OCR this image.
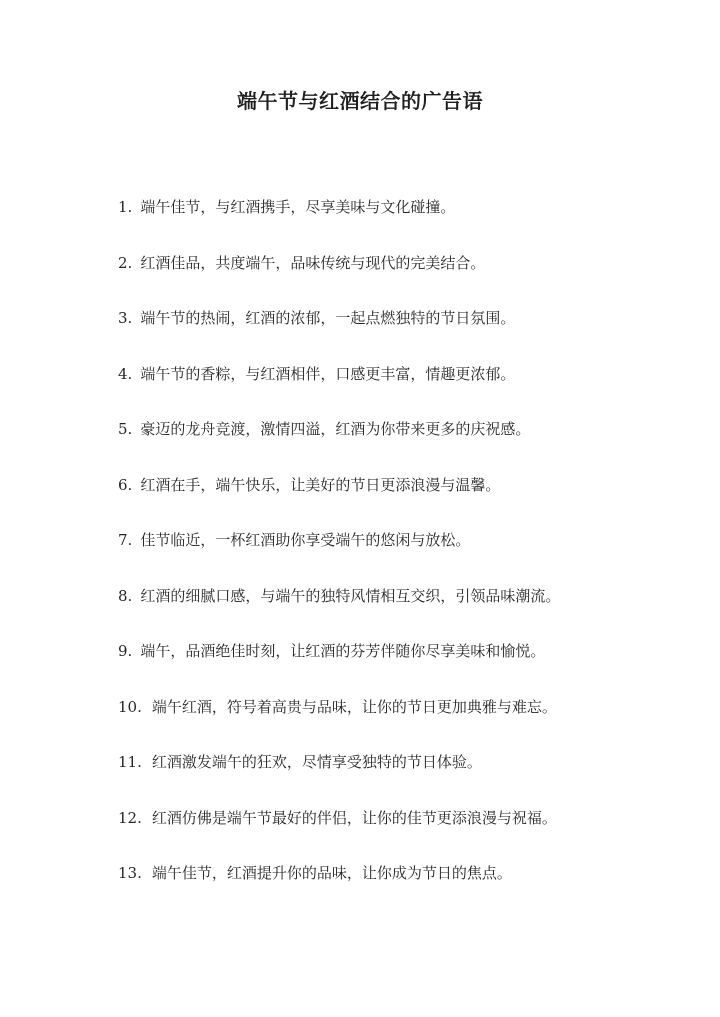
端午节与红酒结合的广告语
1. 端午佳节，与红酒携手，尽享美味与文化碰撞。
2. 红酒佳品，共度端午，品味传统与现代的完美结合。
3. 端午节的热闹，红酒的浓郁，一起点燃独特的节日氛围。
4. 端午节的香粽，与红酒相伴，口感更丰富，情趣更浓郁。
5. 豪迈的龙舟竞渡，激情四溢，红酒为你带来更多的庆祝感。
6. 红酒在手，端午快乐，让美好的节日更添浪漫与温馨。
7. 佳节临近，一杯红酒助你享受端午的悠闲与放松。
8. 红酒的细腻口感，与端午的独特风情相互交织，引领品味潮流。
9. 端午，品酒绝佳时刻，让红酒的芬芳伴随你尽享美味和愉悦。
10. 端午红酒，符号着高贵与品味，让你的节日更加典雅与难忘。
11. 红酒激发端午的狂欢，尽情享受独特的节日体验。
12. 红酒仿佛是端午节最好的伴侣，让你的佳节更添浪漫与祝福。
13. 端午佳节，红酒提升你的品味，让你成为节日的焦点。
